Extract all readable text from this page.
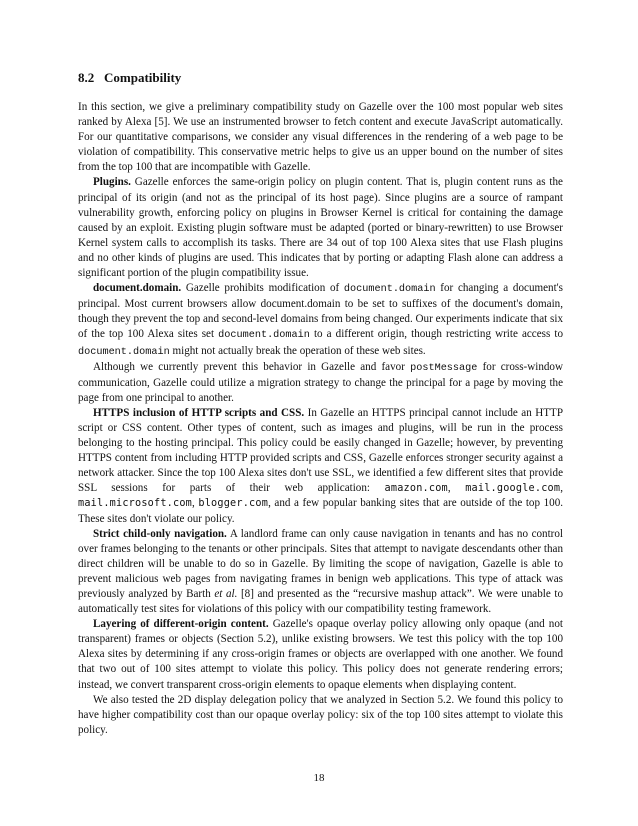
8.2 Compatibility

In this section, we give a preliminary compatibility study on Gazelle over the 100 most popular web sites ranked by Alexa [5]. We use an instrumented browser to fetch content and execute JavaScript automatically. For our quantitative comparisons, we consider any visual differences in the rendering of a web page to be violation of compatibility. This conservative metric helps to give us an upper bound on the number of sites from the top 100 that are incompatible with Gazelle.

Plugins. Gazelle enforces the same-origin policy on plugin content. That is, plugin content runs as the principal of its origin (and not as the principal of its host page). Since plugins are a source of rampant vulnerability growth, enforcing policy on plugins in Browser Kernel is critical for containing the damage caused by an exploit. Existing plugin software must be adapted (ported or binary-rewritten) to use Browser Kernel system calls to accomplish its tasks. There are 34 out of top 100 Alexa sites that use Flash plugins and no other kinds of plugins are used. This indicates that by porting or adapting Flash alone can address a significant portion of the plugin compatibility issue.

document.domain. Gazelle prohibits modification of document.domain for changing a document's principal. Most current browsers allow document.domain to be set to suffixes of the document's domain, though they prevent the top and second-level domains from being changed. Our experiments indicate that six of the top 100 Alexa sites set document.domain to a different origin, though restricting write access to document.domain might not actually break the operation of these web sites.

Although we currently prevent this behavior in Gazelle and favor postMessage for cross-window communication, Gazelle could utilize a migration strategy to change the principal for a page by moving the page from one principal to another.

HTTPS inclusion of HTTP scripts and CSS. In Gazelle an HTTPS principal cannot include an HTTP script or CSS content. Other types of content, such as images and plugins, will be run in the process belonging to the hosting principal. This policy could be easily changed in Gazelle; however, by preventing HTTPS content from including HTTP provided scripts and CSS, Gazelle enforces stronger security against a network attacker. Since the top 100 Alexa sites don't use SSL, we identified a few different sites that provide SSL sessions for parts of their web application: amazon.com, mail.google.com, mail.microsoft.com, blogger.com, and a few popular banking sites that are outside of the top 100. These sites don't violate our policy.

Strict child-only navigation. A landlord frame can only cause navigation in tenants and has no control over frames belonging to the tenants or other principals. Sites that attempt to navigate descendants other than direct children will be unable to do so in Gazelle. By limiting the scope of navigation, Gazelle is able to prevent malicious web pages from navigating frames in benign web applications. This type of attack was previously analyzed by Barth et al. [8] and presented as the “recursive mashup attack”. We were unable to automatically test sites for violations of this policy with our compatibility testing framework.

Layering of different-origin content. Gazelle's opaque overlay policy allowing only opaque (and not transparent) frames or objects (Section 5.2), unlike existing browsers. We test this policy with the top 100 Alexa sites by determining if any cross-origin frames or objects are overlapped with one another. We found that two out of 100 sites attempt to violate this policy. This policy does not generate rendering errors; instead, we convert transparent cross-origin elements to opaque elements when displaying content.

We also tested the 2D display delegation policy that we analyzed in Section 5.2. We found this policy to have higher compatibility cost than our opaque overlay policy: six of the top 100 sites attempt to violate this policy.

18
